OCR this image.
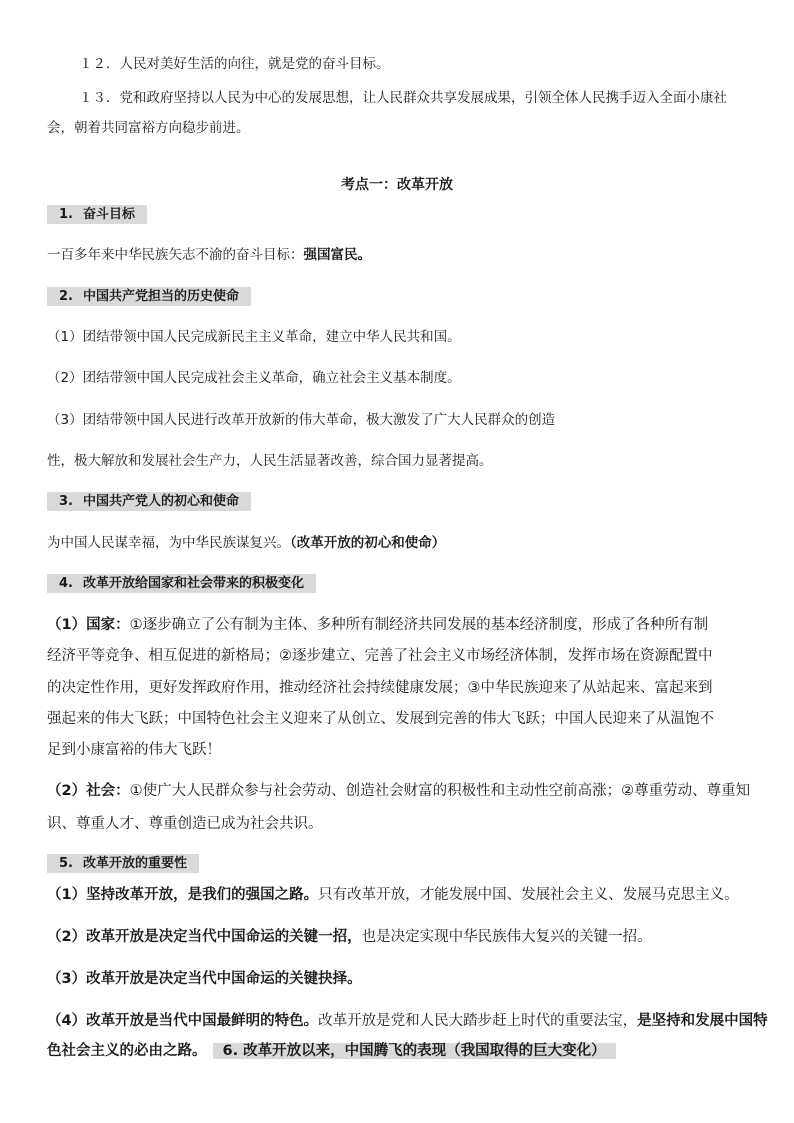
１２．人民对美好生活的向往，就是党的奋斗目标。
１３．党和政府坚持以人民为中心的发展思想，让人民群众共享发展成果，引领全体人民携手迈入全面小康社
会，朝着共同富裕方向稳步前进。
考点一：改革开放
1. 奋斗目标
一百多年来中华民族矢志不渝的奋斗目标：强国富民。
2. 中国共产党担当的历史使命
（1）团结带领中国人民完成新民主主义革命，建立中华人民共和国。
（2）团结带领中国人民完成社会主义革命，确立社会主义基本制度。
（3）团结带领中国人民进行改革开放新的伟大革命，极大激发了广大人民群众的创造
性，极大解放和发展社会生产力，人民生活显著改善，综合国力显著提高。
3. 中国共产党人的初心和使命
为中国人民谋幸福，为中华民族谋复兴。（改革开放的初心和使命）
4. 改革开放给国家和社会带来的积极变化
（1）国家：①逐步确立了公有制为主体、多种所有制经济共同发展的基本经济制度，形成了各种所有制
经济平等竞争、相互促进的新格局；②逐步建立、完善了社会主义市场经济体制，发挥市场在资源配置中
的决定性作用，更好发挥政府作用，推动经济社会持续健康发展；③中华民族迎来了从站起来、富起来到
强起来的伟大飞跃；中国特色社会主义迎来了从创立、发展到完善的伟大飞跃；中国人民迎来了从温饱不
足到小康富裕的伟大飞跃！
（2）社会：①使广大人民群众参与社会劳动、创造社会财富的积极性和主动性空前高涨；②尊重劳动、尊重知
识、尊重人才、尊重创造已成为社会共识。
5. 改革开放的重要性
（1）坚持改革开放，是我们的强国之路。只有改革开放，才能发展中国、发展社会主义、发展马克思主义。
（2）改革开放是决定当代中国命运的关键一招，也是决定实现中华民族伟大复兴的关键一招。
（3）改革开放是决定当代中国命运的关键抉择。
（4）改革开放是当代中国最鲜明的特色。改革开放是党和人民大踏步赶上时代的重要法宝，是坚持和发展中国特
色社会主义的必由之路。 6. 改革开放以来，中国腾飞的表现（我国取得的巨大变化）
